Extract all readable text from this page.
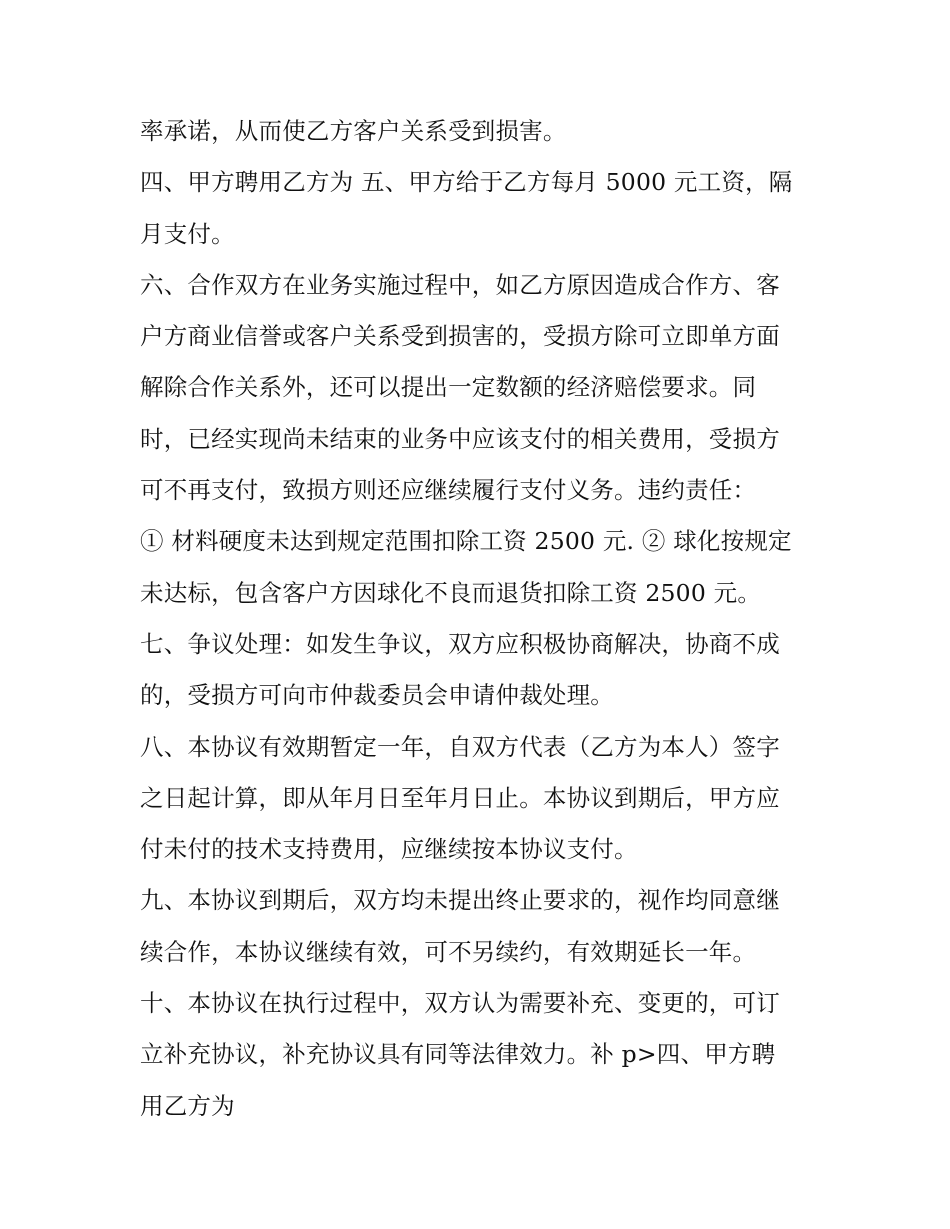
率承诺，从而使乙方客户关系受到损害。
四、甲方聘用乙方为 五、甲方给于乙方每月 5000 元工资，隔
月支付。
六、合作双方在业务实施过程中，如乙方原因造成合作方、客
户方商业信誉或客户关系受到损害的，受损方除可立即单方面
解除合作关系外，还可以提出一定数额的经济赔偿要求。同
时，已经实现尚未结束的业务中应该支付的相关费用，受损方
可不再支付，致损方则还应继续履行支付义务。违约责任：
① 材料硬度未达到规定范围扣除工资 2500 元. ② 球化按规定
未达标，包含客户方因球化不良而退货扣除工资 2500 元。
七、争议处理：如发生争议，双方应积极协商解决，协商不成
的，受损方可向市仲裁委员会申请仲裁处理。
八、本协议有效期暂定一年，自双方代表（乙方为本人）签字
之日起计算，即从年月日至年月日止。本协议到期后，甲方应
付未付的技术支持费用，应继续按本协议支付。
九、本协议到期后，双方均未提出终止要求的，视作均同意继
续合作，本协议继续有效，可不另续约，有效期延长一年。
十、本协议在执行过程中，双方认为需要补充、变更的，可订
立补充协议，补充协议具有同等法律效力。补 p>四、甲方聘
用乙方为
